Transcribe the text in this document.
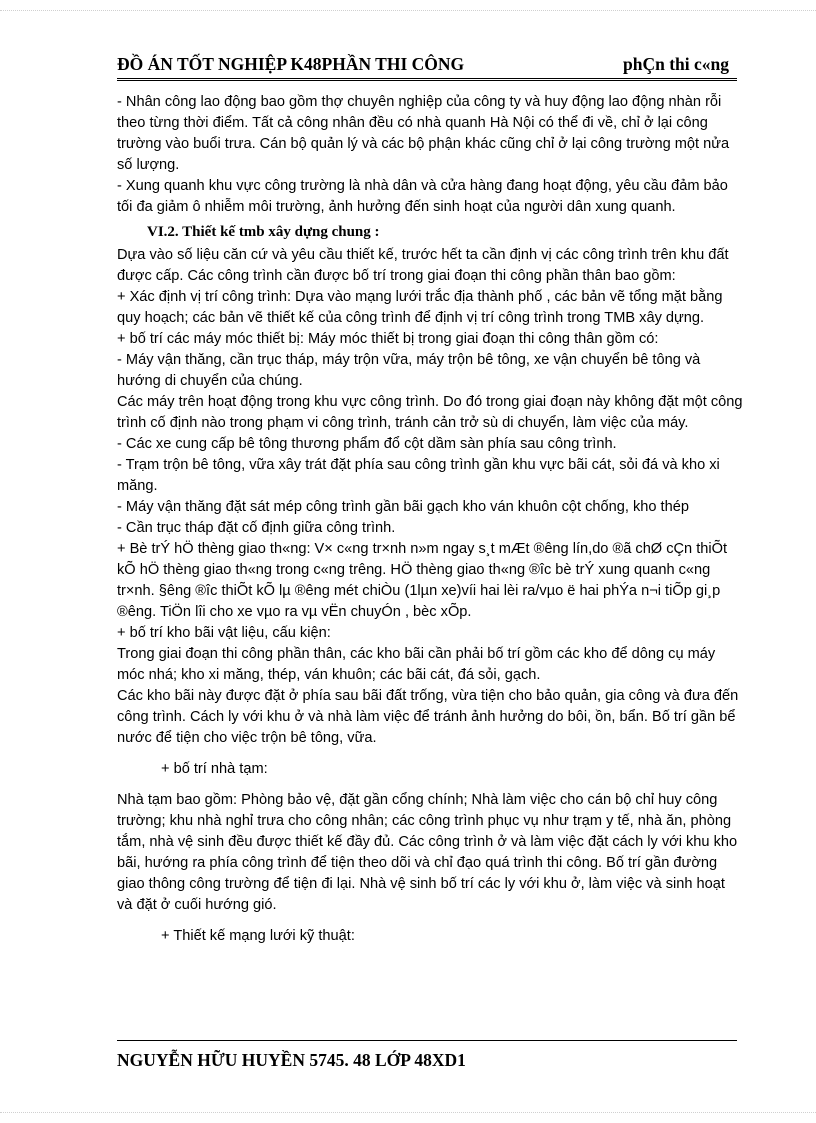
ĐỒ ÁN TỐT NGHIỆP K48PHẦN THI CÔNG	phÇn thi c«ng

- Nhân công lao động bao gồm thợ chuyên nghiệp của công ty và huy động lao động nhàn rỗi theo từng thời điểm. Tất cả công nhân đều có nhà quanh Hà Nội có thể đi về, chỉ ở lại công trường vào buổi trưa. Cán bộ quản lý và các bộ phận khác cũng chỉ ở lại công trường một nửa số lượng.

- Xung quanh khu vực công trường là nhà dân và cửa hàng đang hoạt động, yêu cầu đảm bảo tối đa giảm ô nhiễm môi trường, ảnh hưởng đến sinh hoạt của người dân xung quanh.

VI.2. Thiết kế tmb xây dựng chung :

Dựa vào số liệu căn cứ và yêu cầu thiết kế, trước hết ta cần định vị các công trình trên khu đất được cấp. Các công trình cần được bố trí trong giai đoạn thi công phần thân bao gồm:

+ Xác định vị trí công trình: Dựa vào mạng lưới trắc địa thành phố , các bản vẽ tổng mặt bằng quy hoạch; các bản vẽ thiết kế của công trình để định vị trí công trình trong TMB xây dựng.

+ bố trí các máy móc thiết bị: Máy móc thiết bị trong giai đoạn thi công thân gồm có:

- Máy vận thăng, cần trục tháp, máy trộn vữa, máy trộn bê tông, xe vận chuyển bê tông và hướng di chuyển của chúng.

Các máy trên hoạt động trong khu vực công trình. Do đó trong giai đoạn này không đặt một công trình cố định nào trong phạm vi công trình, tránh cản trở sù di chuyển, làm việc của máy.

- Các xe cung cấp bê tông thương phẩm đổ cột dầm sàn phía sau công trình.

- Trạm trộn bê tông, vữa xây trát đặt phía sau công trình gần khu vực bãi cát, sỏi đá và kho xi măng.

- Máy vận thăng đặt sát mép công trình gần bãi gạch kho ván khuôn cột chống, kho thép

- Cần trục tháp đặt cố định giữa công trình.

+ Bè trÝ hÖ thèng giao th«ng: V× c«ng tr×nh n»m ngay s¸t mÆt ®êng lín,do ®ã chØ cÇn thiÕt kÕ hÖ thèng giao th«ng trong c«ng trêng. HÖ thèng giao th«ng ®îc bè trÝ xung quanh c«ng tr×nh. §êng ®îc thiÕt kÕ lµ ®êng mét chiÒu (1lµn xe)víi hai lèi ra/vµo ë hai phÝa n¬i tiÕp gi¸p ®êng. TiÖn lîi cho xe vµo ra vµ vËn chuyÓn , bèc xÕp.

+ bố trí kho bãi vật liệu, cấu kiện:

Trong giai đoạn thi công phần thân, các kho bãi cần phải bố trí gồm các kho để dông cụ máy móc nhá; kho xi măng, thép, ván khuôn; các bãi cát, đá sỏi, gạch.

Các kho bãi này được đặt ở phía sau bãi đất trống, vừa tiện cho bảo quản, gia công và đưa đến công trình. Cách ly với khu ở và nhà làm việc để tránh ảnh hưởng do bôi, ồn, bẩn. Bố trí gần bể nước để tiện cho việc trộn bê tông, vữa.

+ bố trí nhà tạm:

Nhà tạm bao gồm: Phòng bảo vệ, đặt gần cổng chính; Nhà làm việc cho cán bộ chỉ huy công trường; khu nhà nghỉ trưa cho công nhân; các công trình phục vụ như trạm y tế, nhà ăn, phòng tắm, nhà vệ sinh đều được thiết kế đầy đủ. Các công trình ở và làm việc đặt cách ly với khu kho bãi, hướng ra phía công trình để tiện theo dõi và chỉ đạo quá trình thi công. Bố trí gần đường giao thông công trường để tiện đi lại. Nhà vệ sinh bố trí các ly với khu ở, làm việc và sinh hoạt và đặt ở cuối hướng gió.

+ Thiết kế mạng lưới kỹ thuật:

NGUYỄN HỮU HUYỀN 5745. 48 LỚP 48XD1
